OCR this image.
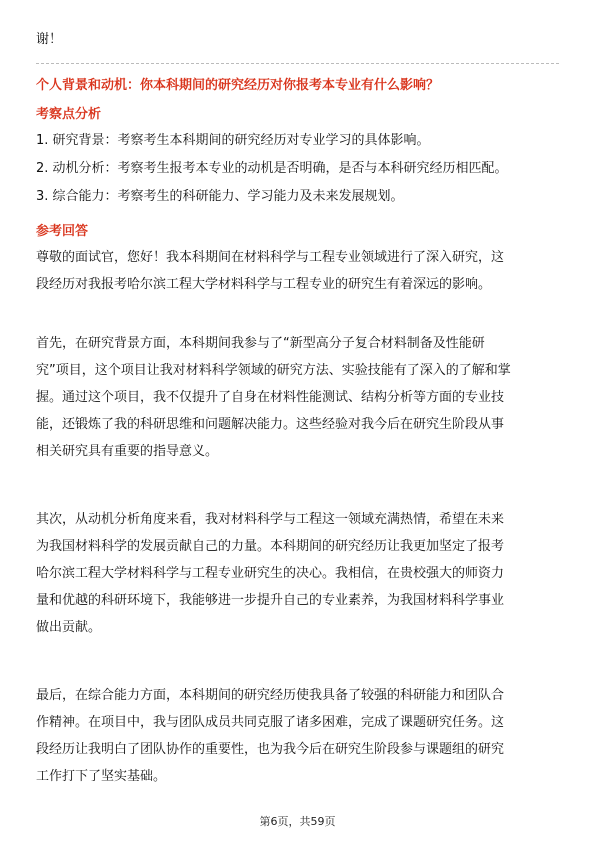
谢！
个人背景和动机：你本科期间的研究经历对你报考本专业有什么影响？
考察点分析
1. 研究背景：考察考生本科期间的研究经历对专业学习的具体影响。
2. 动机分析：考察考生报考本专业的动机是否明确，是否与本科研究经历相匹配。
3. 综合能力：考察考生的科研能力、学习能力及未来发展规划。
参考回答
尊敬的面试官，您好！我本科期间在材料科学与工程专业领域进行了深入研究，这
段经历对我报考哈尔滨工程大学材料科学与工程专业的研究生有着深远的影响。
首先，在研究背景方面，本科期间我参与了“新型高分子复合材料制备及性能研
究”项目，这个项目让我对材料科学领域的研究方法、实验技能有了深入的了解和掌
握。通过这个项目，我不仅提升了自身在材料性能测试、结构分析等方面的专业技
能，还锻炼了我的科研思维和问题解决能力。这些经验对我今后在研究生阶段从事
相关研究具有重要的指导意义。
其次，从动机分析角度来看，我对材料科学与工程这一领域充满热情，希望在未来
为我国材料科学的发展贡献自己的力量。本科期间的研究经历让我更加坚定了报考
哈尔滨工程大学材料科学与工程专业研究生的决心。我相信，在贵校强大的师资力
量和优越的科研环境下，我能够进一步提升自己的专业素养，为我国材料科学事业
做出贡献。
最后，在综合能力方面，本科期间的研究经历使我具备了较强的科研能力和团队合
作精神。在项目中，我与团队成员共同克服了诸多困难，完成了课题研究任务。这
段经历让我明白了团队协作的重要性，也为我今后在研究生阶段参与课题组的研究
工作打下了坚实基础。
第6页，共59页
